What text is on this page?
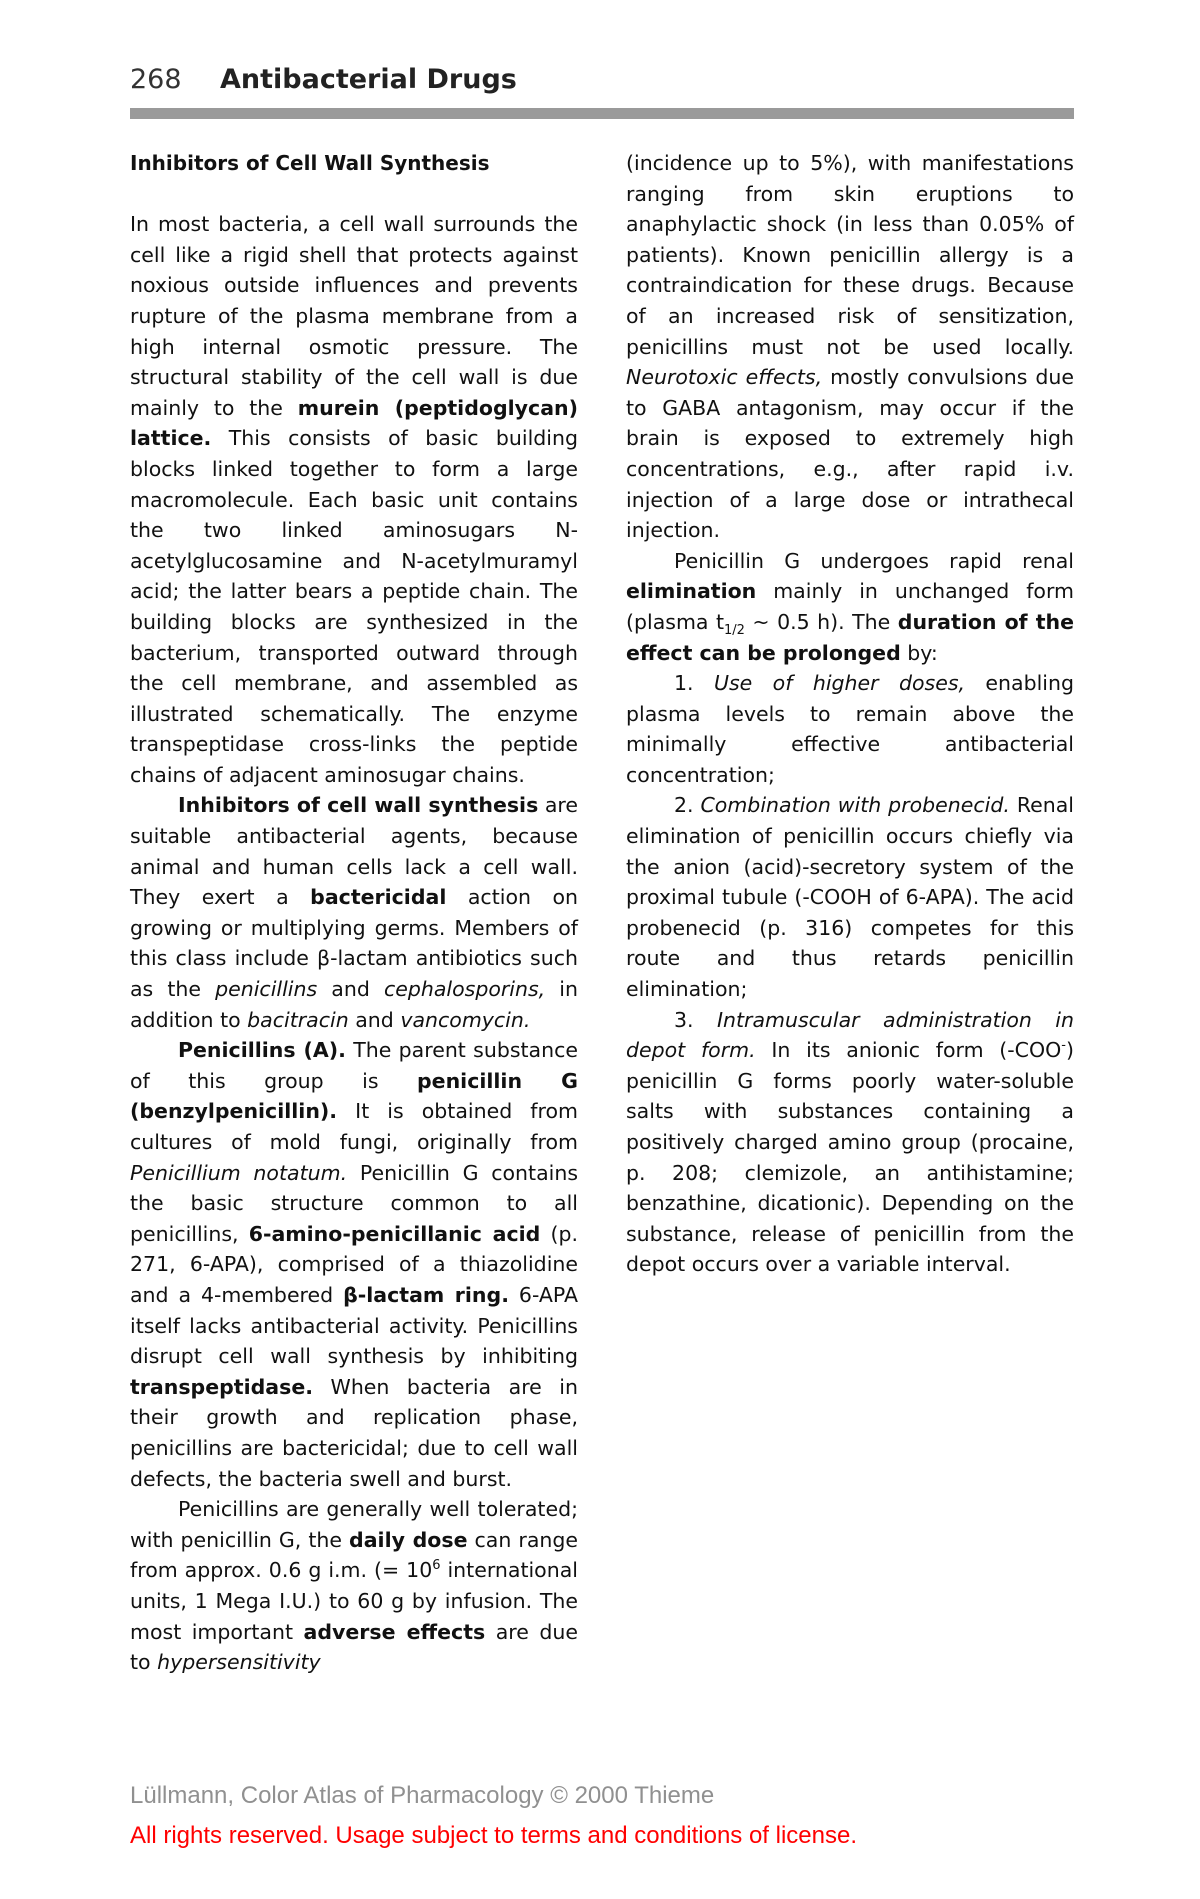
268 Antibacterial Drugs

Inhibitors of Cell Wall Synthesis

In most bacteria, a cell wall surrounds the cell like a rigid shell that protects against noxious outside influences and prevents rupture of the plasma membrane from a high internal osmotic pressure. The structural stability of the cell wall is due mainly to the murein (peptidoglycan) lattice. This consists of basic building blocks linked together to form a large macromolecule. Each basic unit contains the two linked aminosugars N-acetylglucosamine and N-acetylmuramyl acid; the latter bears a peptide chain. The building blocks are synthesized in the bacterium, transported outward through the cell membrane, and assembled as illustrated schematically. The enzyme transpeptidase cross-links the peptide chains of adjacent aminosugar chains.

Inhibitors of cell wall synthesis are suitable antibacterial agents, because animal and human cells lack a cell wall. They exert a bactericidal action on growing or multiplying germs. Members of this class include β-lactam antibiotics such as the penicillins and cephalosporins, in addition to bacitracin and vancomycin.

Penicillins (A). The parent substance of this group is penicillin G (benzylpenicillin). It is obtained from cultures of mold fungi, originally from Penicillium notatum. Penicillin G contains the basic structure common to all penicillins, 6-amino-penicillanic acid (p. 271, 6-APA), comprised of a thiazolidine and a 4-membered β-lactam ring. 6-APA itself lacks antibacterial activity. Penicillins disrupt cell wall synthesis by inhibiting transpeptidase. When bacteria are in their growth and replication phase, penicillins are bactericidal; due to cell wall defects, the bacteria swell and burst.

Penicillins are generally well tolerated; with penicillin G, the daily dose can range from approx. 0.6 g i.m. (= $10^6$ international units, 1 Mega I.U.) to 60 g by infusion. The most important adverse effects are due to hypersensitivity

(incidence up to 5%), with manifestations ranging from skin eruptions to anaphylactic shock (in less than 0.05% of patients). Known penicillin allergy is a contraindication for these drugs. Because of an increased risk of sensitization, penicillins must not be used locally. Neurotoxic effects, mostly convulsions due to GABA antagonism, may occur if the brain is exposed to extremely high concentrations, e.g., after rapid i.v. injection of a large dose or intrathecal injection.

Penicillin G undergoes rapid renal elimination mainly in unchanged form (plasma $t_{1/2}$ ~ 0.5 h). The duration of the effect can be prolonged by:

1. Use of higher doses, enabling plasma levels to remain above the minimally effective antibacterial concentration;

2. Combination with probenecid. Renal elimination of penicillin occurs chiefly via the anion (acid)-secretory system of the proximal tubule (-COOH of 6-APA). The acid probenecid (p. 316) competes for this route and thus retards penicillin elimination;

3. Intramuscular administration in depot form. In its anionic form (-COO-) penicillin G forms poorly water-soluble salts with substances containing a positively charged amino group (procaine, p. 208; clemizole, an antihistamine; benzathine, dicationic). Depending on the substance, release of penicillin from the depot occurs over a variable interval.

Lüllmann, Color Atlas of Pharmacology © 2000 Thieme
All rights reserved. Usage subject to terms and conditions of license.
